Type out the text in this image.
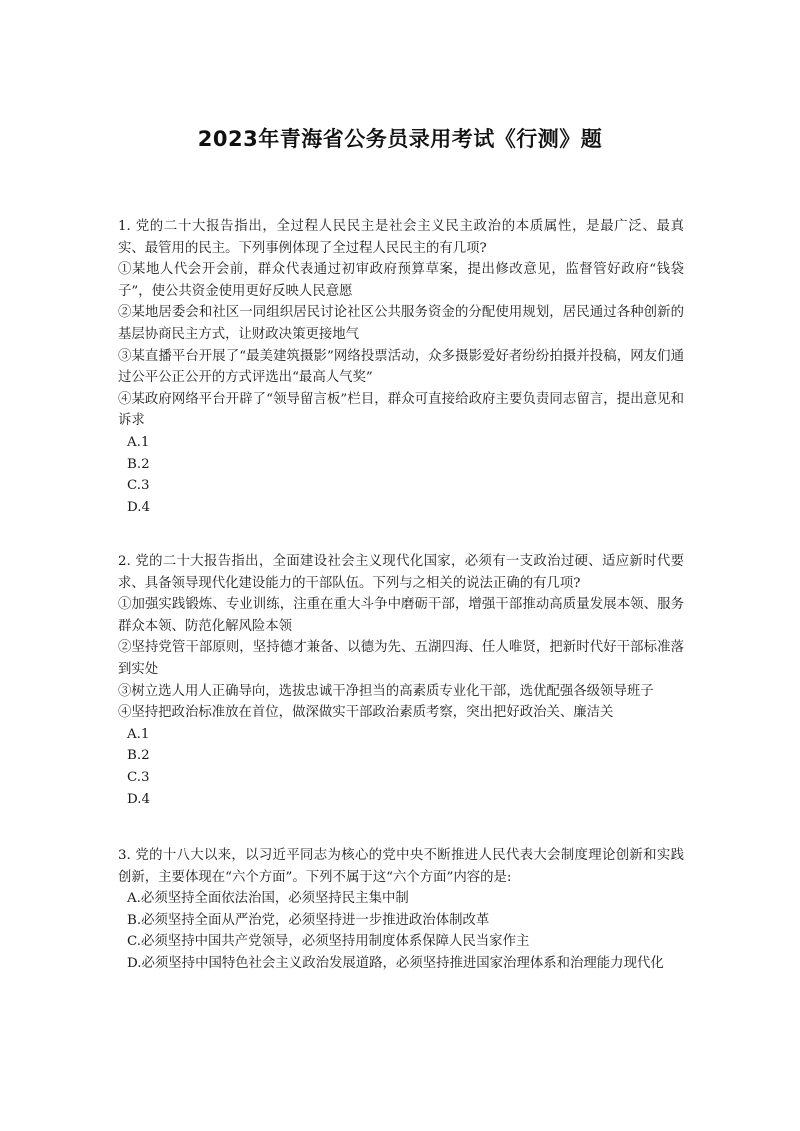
2023年青海省公务员录用考试《行测》题

1. 党的二十大报告指出，全过程人民民主是社会主义民主政治的本质属性，是最广泛、最真实、最管用的民主。下列事例体现了全过程人民民主的有几项?

①某地人代会开会前，群众代表通过初审政府预算草案，提出修改意见，监督管好政府“钱袋子”，使公共资金使用更好反映人民意愿

②某地居委会和社区一同组织居民讨论社区公共服务资金的分配使用规划，居民通过各种创新的基层协商民主方式，让财政决策更接地气

③某直播平台开展了“最美建筑摄影”网络投票活动，众多摄影爱好者纷纷拍摄并投稿，网友们通过公平公正公开的方式评选出“最高人气奖”

④某政府网络平台开辟了“领导留言板”栏目，群众可直接给政府主要负责同志留言，提出意见和诉求

A.1
B.2
C.3
D.4

2. 党的二十大报告指出，全面建设社会主义现代化国家，必须有一支政治过硬、适应新时代要求、具备领导现代化建设能力的干部队伍。下列与之相关的说法正确的有几项?

①加强实践锻炼、专业训练，注重在重大斗争中磨砺干部，增强干部推动高质量发展本领、服务群众本领、防范化解风险本领

②坚持党管干部原则，坚持德才兼备、以德为先、五湖四海、任人唯贤，把新时代好干部标准落到实处

③树立选人用人正确导向，选拔忠诚干净担当的高素质专业化干部，选优配强各级领导班子

④坚持把政治标准放在首位，做深做实干部政治素质考察，突出把好政治关、廉洁关

A.1
B.2
C.3
D.4

3. 党的十八大以来，以习近平同志为核心的党中央不断推进人民代表大会制度理论创新和实践创新，主要体现在“六个方面”。下列不属于这“六个方面”内容的是:

A.必须坚持全面依法治国，必须坚持民主集中制
B.必须坚持全面从严治党，必须坚持进一步推进政治体制改革
C.必须坚持中国共产党领导，必须坚持用制度体系保障人民当家作主
D.必须坚持中国特色社会主义政治发展道路，必须坚持推进国家治理体系和治理能力现代化
